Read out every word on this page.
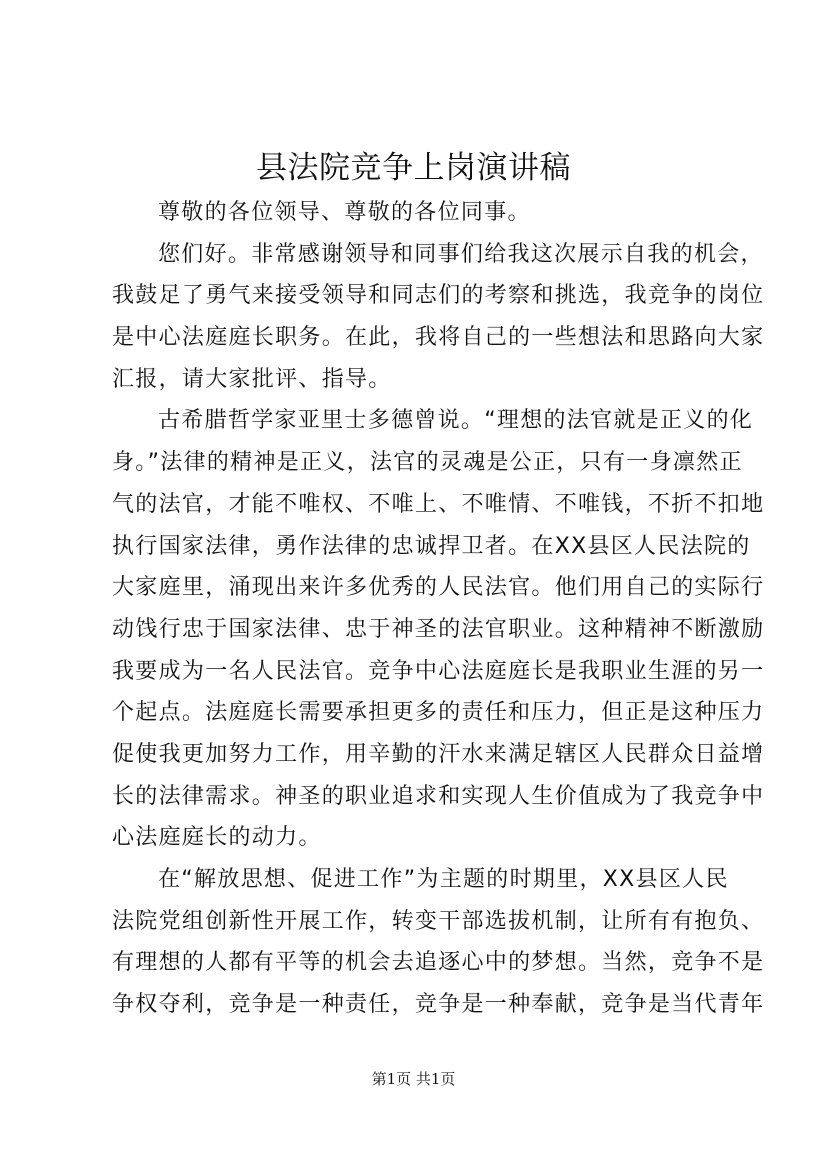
县法院竞争上岗演讲稿
尊敬的各位领导、尊敬的各位同事。
您们好。非常感谢领导和同事们给我这次展示自我的机会，
我鼓足了勇气来接受领导和同志们的考察和挑选，我竞争的岗位
是中心法庭庭长职务。在此，我将自己的一些想法和思路向大家
汇报，请大家批评、指导。
古希腊哲学家亚里士多德曾说。“理想的法官就是正义的化
身。”法律的精神是正义，法官的灵魂是公正，只有一身凛然正
气的法官，才能不唯权、不唯上、不唯情、不唯钱，不折不扣地
执行国家法律，勇作法律的忠诚捍卫者。在XX县区人民法院的
大家庭里，涌现出来许多优秀的人民法官。他们用自己的实际行
动饯行忠于国家法律、忠于神圣的法官职业。这种精神不断激励
我要成为一名人民法官。竞争中心法庭庭长是我职业生涯的另一
个起点。法庭庭长需要承担更多的责任和压力，但正是这种压力
促使我更加努力工作，用辛勤的汗水来满足辖区人民群众日益增
长的法律需求。神圣的职业追求和实现人生价值成为了我竞争中
心法庭庭长的动力。
在“解放思想、促进工作”为主题的时期里，XX县区人民
法院党组创新性开展工作，转变干部选拔机制，让所有有抱负、
有理想的人都有平等的机会去追逐心中的梦想。当然，竞争不是
争权夺利，竞争是一种责任，竞争是一种奉献，竞争是当代青年
第1页 共1页
